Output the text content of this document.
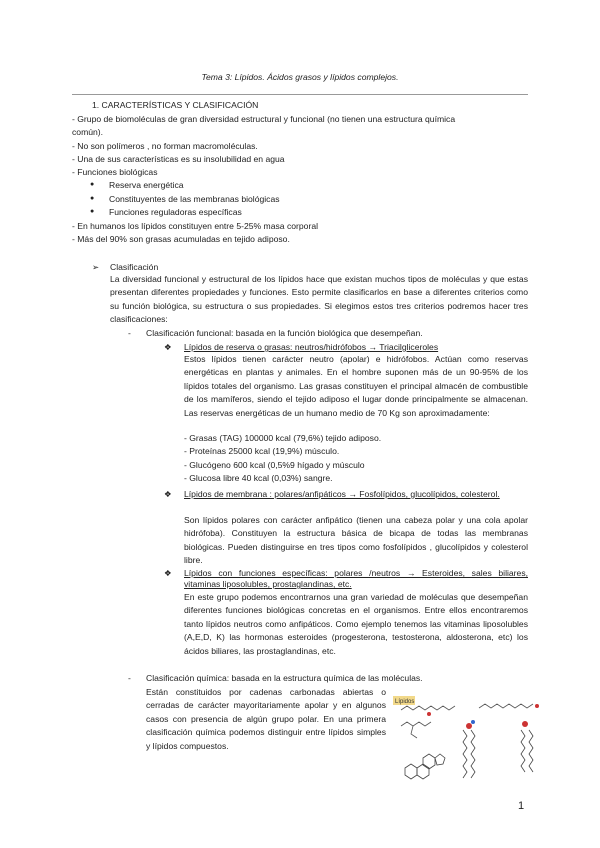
Tema 3: Lípidos. Ácidos grasos y lípidos complejos.
1. CARACTERÍSTICAS Y CLASIFICACIÓN
- Grupo de biomoléculas de gran diversidad estructural y funcional (no tienen una estructura química
común).
- No son polímeros , no forman macromoléculas.
- Una de sus características es su insolubilidad en agua
- Funciones biológicas
● Reserva energética
● Constituyentes de las membranas biológicas
● Funciones reguladoras específicas
- En humanos los lípidos constituyen entre 5-25% masa corporal
- Más del 90% son grasas acumuladas en tejido adiposo.
➢ Clasificación
La diversidad funcional y estructural de los lípidos hace que existan muchos tipos de moléculas y que estas presentan diferentes propiedades y funciones. Esto permite clasificarlos en base a diferentes criterios como su función biológica, su estructura o sus propiedades. Si elegimos estos tres criterios podremos hacer tres clasificaciones:
- Clasificación funcional: basada en la función biológica que desempeñan.
❖ Lípidos de reserva o grasas: neutros/hidrófobos → Triacilgliceroles
Estos lípidos tienen carácter neutro (apolar) e hidrófobos. Actúan como reservas energéticas en plantas y animales. En el hombre suponen más de un 90-95% de los lípidos totales del organismo. Las grasas constituyen el principal almacén de combustible de los mamíferos, siendo el tejido adiposo el lugar donde principalmente se almacenan. Las reservas energéticas de un humano medio de 70 Kg son aproximadamente:
- Grasas (TAG) 100000 kcal (79,6%) tejido adiposo.
- Proteínas 25000 kcal (19,9%) músculo.
- Glucógeno 600 kcal (0,5%9 hígado y músculo
- Glucosa libre 40 kcal (0,03%) sangre.
❖ Lípidos de membrana : polares/anfipáticos → Fosfolípidos, glucolípidos, colesterol.
Son lípidos polares con carácter anfipático (tienen una cabeza polar y una cola apolar hidrófoba). Constituyen la estructura básica de bicapa de todas las membranas biológicas. Pueden distinguirse en tres tipos como fosfolípidos , glucolípidos y colesterol libre.
❖ Lípidos con funciones específicas: polares /neutros → Esteroides, sales biliares, vitaminas liposolubles, prostaglandinas, etc.
En este grupo podemos encontrarnos una gran variedad de moléculas que desempeñan diferentes funciones biológicas concretas en el organismos. Entre ellos encontraremos tanto lípidos neutros como anfipáticos. Como ejemplo tenemos las vitaminas liposolubles (A,E,D, K) las hormonas esteroides (progesterona, testosterona, aldosterona, etc) los ácidos biliares, las prostaglandinas, etc.
- Clasificación química: basada en la estructura química de las moléculas.
Están constituidos por cadenas carbonadas abiertas o cerradas de carácter mayoritariamente apolar y en algunos casos con presencia de algún grupo polar. En una primera clasificación química podemos distinguir entre lípidos simples y lípidos compuestos.
Lípidos
1
